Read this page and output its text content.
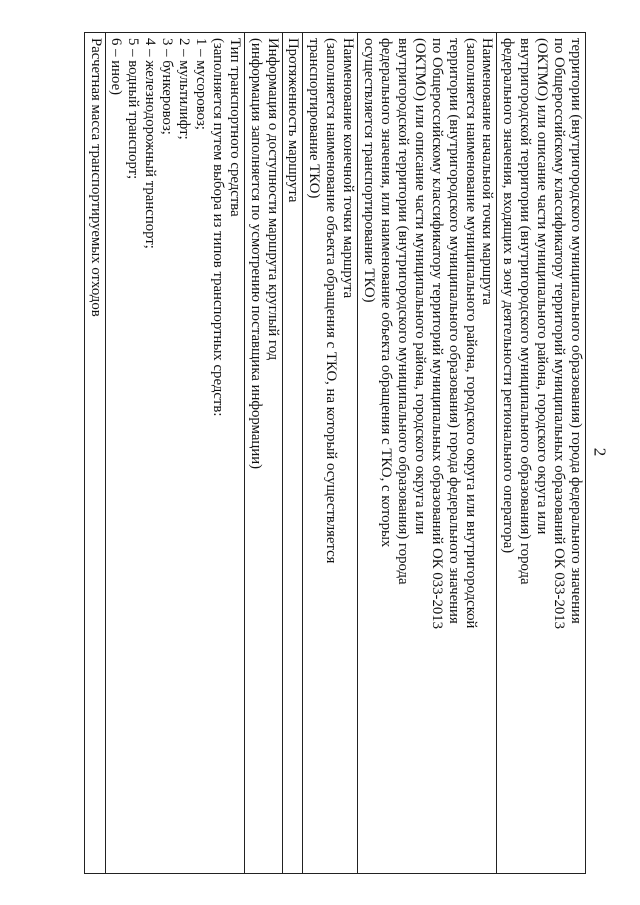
2
территории (внутригородского муниципального образования) города федерального значения
по Общероссийскому классификатору территорий муниципальных образований ОК 033-2013
(ОКТМО) или описание части муниципального района, городского округа или
внутригородской территории (внутригородского муниципального образования) города
федерального значения, входящих в зону деятельности регионального оператора)

Наименование начальной точки маршрута
(заполняется наименование муниципального района, городского округа или внутригородской
территории (внутригородского муниципального образования) города федерального значения
по Общероссийскому классификатору территорий муниципальных образований ОК 033-2013
(ОКТМО) или описание части муниципального района, городского округа или
внутригородской территории (внутригородского муниципального образования) города
федерального значения, или наименование объекта обращения с ТКО, с которых
осуществляется транспортирование ТКО)

Наименование конечной точки маршрута
(заполняется наименование объекта обращения с ТКО, на который осуществляется
транспортирование ТКО)

Протяженность маршрута

Информация о доступности маршрута круглый год
(информация заполняется по усмотрению поставщика информации)

Тип транспортного средства
(заполняется путем выбора из типов транспортных средств:
1 – мусоровоз;
2 – мультилифт;
3 – бункеровоз;
4 – железнодорожный транспорт;
5 – водный транспорт;
6 – иное)

Расчетная масса транспортируемых отходов
